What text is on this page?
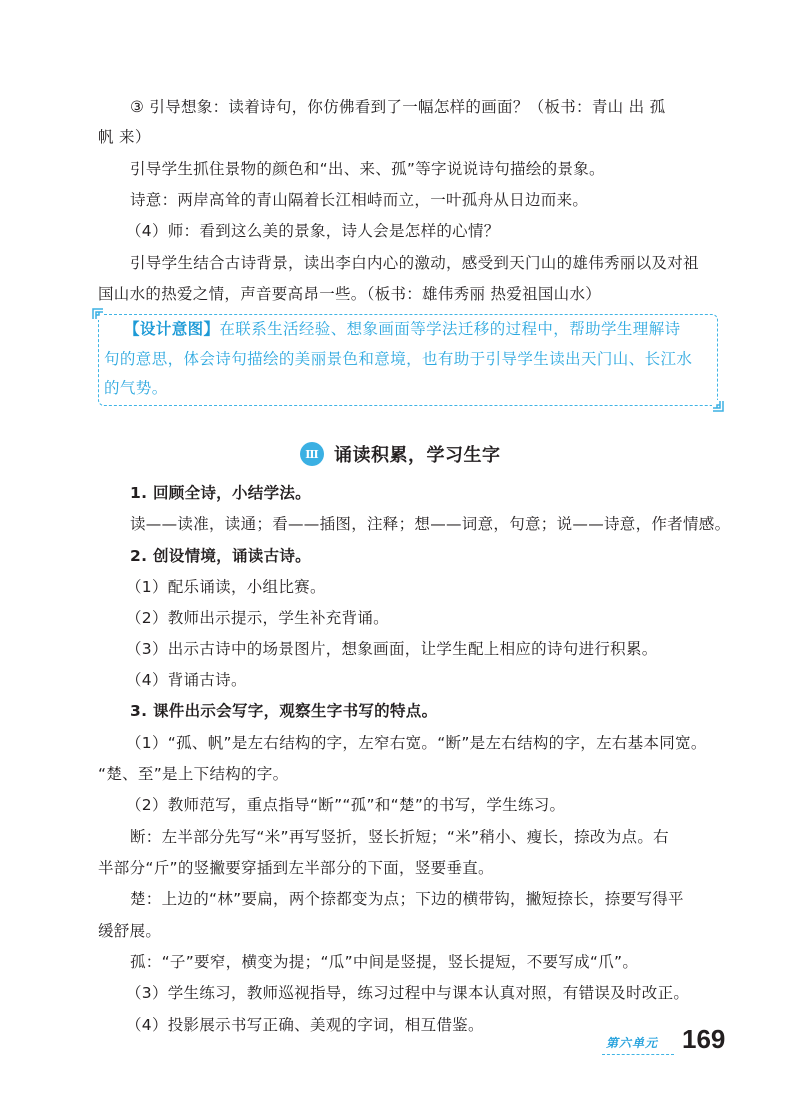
③ 引导想象：读着诗句，你仿佛看到了一幅怎样的画面？（板书：青山 出 孤
帆 来）
引导学生抓住景物的颜色和“出、来、孤”等字说说诗句描绘的景象。
诗意：两岸高耸的青山隔着长江相峙而立，一叶孤舟从日边而来。
（4）师：看到这么美的景象，诗人会是怎样的心情？
引导学生结合古诗背景，读出李白内心的激动，感受到天门山的雄伟秀丽以及对祖
国山水的热爱之情，声音要高昂一些。（板书：雄伟秀丽 热爱祖国山水）
【设计意图】在联系生活经验、想象画面等学法迁移的过程中，帮助学生理解诗
句的意思，体会诗句描绘的美丽景色和意境，也有助于引导学生读出天门山、长江水
的气势。
Ⅲ 诵读积累，学习生字
1. 回顾全诗，小结学法。
读——读准，读通；看——插图，注释；想——词意，句意；说——诗意，作者情感。
2. 创设情境，诵读古诗。
（1）配乐诵读，小组比赛。
（2）教师出示提示，学生补充背诵。
（3）出示古诗中的场景图片，想象画面，让学生配上相应的诗句进行积累。
（4）背诵古诗。
3. 课件出示会写字，观察生字书写的特点。
（1）“孤、帆”是左右结构的字，左窄右宽。“断”是左右结构的字，左右基本同宽。
“楚、至”是上下结构的字。
（2）教师范写，重点指导“断”“孤”和“楚”的书写，学生练习。
断：左半部分先写“米”再写竖折，竖长折短；“米”稍小、瘦长，捺改为点。右
半部分“斤”的竖撇要穿插到左半部分的下面，竖要垂直。
楚：上边的“林”要扁，两个捺都变为点；下边的横带钩，撇短捺长，捺要写得平
缓舒展。
孤：“子”要窄，横变为提；“瓜”中间是竖提，竖长提短，不要写成“爪”。
（3）学生练习，教师巡视指导，练习过程中与课本认真对照，有错误及时改正。
（4）投影展示书写正确、美观的字词，相互借鉴。
第六单元 169
